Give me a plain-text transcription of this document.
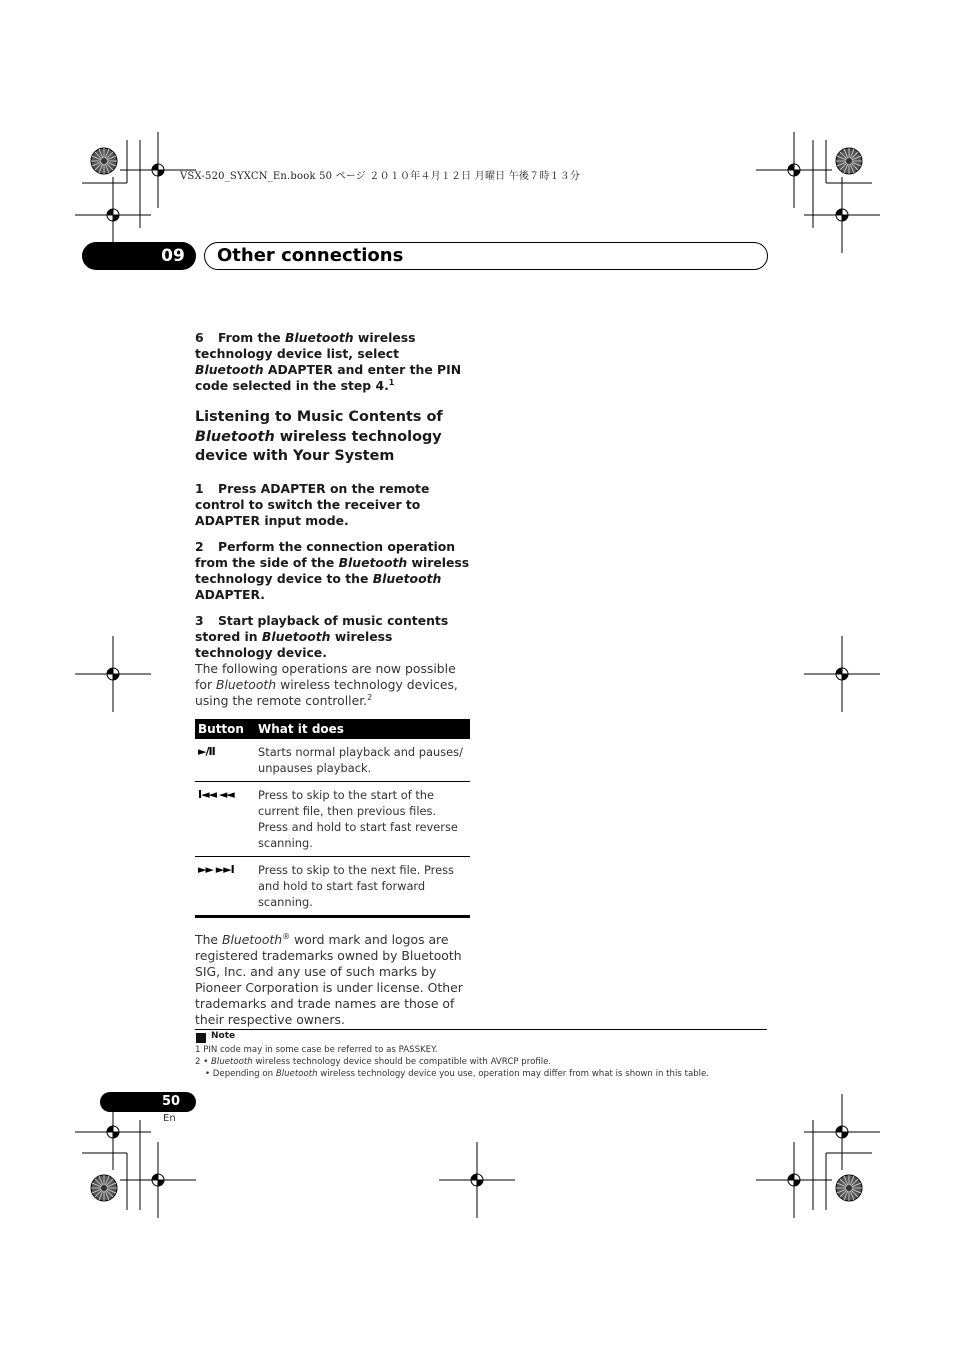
VSX-520_SYXCN_En.book 50 ページ ２０１０年４月１２日 月曜日 午後７時１３分
09	Other connections

6 From the Bluetooth wireless technology device list, select Bluetooth ADAPTER and enter the PIN code selected in the step 4.$^1$

Listening to Music Contents of
Bluetooth wireless technology device with Your System

1 Press ADAPTER on the remote control to switch the receiver to ADAPTER input mode.

2 Perform the connection operation from the side of the Bluetooth wireless technology device to the Bluetooth ADAPTER.

3 Start playback of music contents stored in Bluetooth wireless technology device.

The following operations are now possible for Bluetooth wireless technology devices, using the remote controller.$^2$

Button	What it does
►/II	Starts normal playback and pauses/ unpauses playback.
I◄◄ ◄◄	Press to skip to the start of the current file, then previous files. Press and hold to start fast reverse scanning.
►► ►►I	Press to skip to the next file. Press and hold to start fast forward scanning.

The Bluetooth® word mark and logos are registered trademarks owned by Bluetooth SIG, Inc. and any use of such marks by Pioneer Corporation is under license. Other trademarks and trade names are those of their respective owners.

Note
1 PIN code may in some case be referred to as PASSKEY.
2 • Bluetooth wireless technology device should be compatible with AVRCP profile.
• Depending on Bluetooth wireless technology device you use, operation may differ from what is shown in this table.
50
En
